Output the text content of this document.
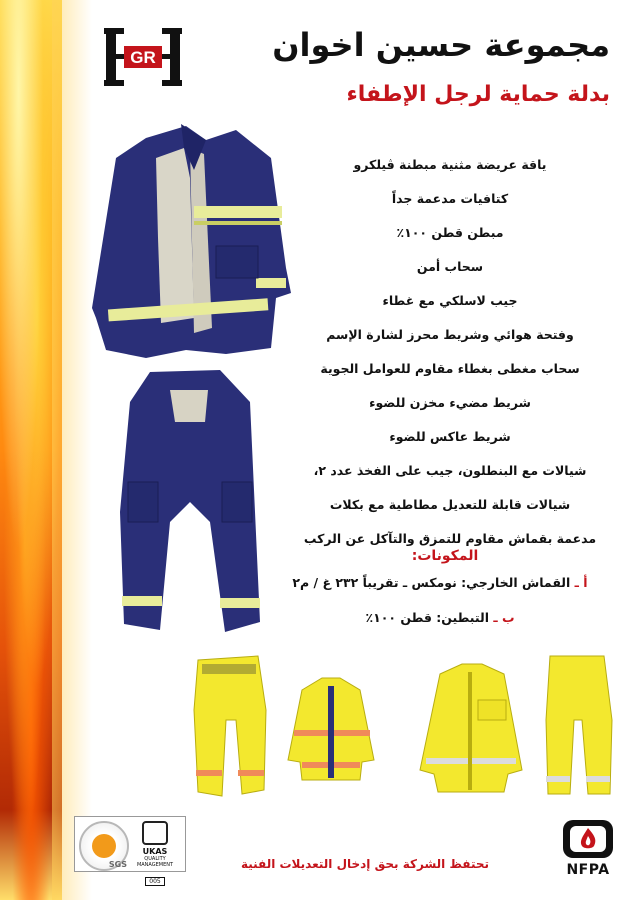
GR	مجموعة حسين اخوان
بدلة حماية لرجل الإطفاء
ياقة عريضة مثنية مبطنة ڤيلكرو
كتافيات مدعمة جداً
مبطن قطن ١٠٠٪
سحاب أمن
جيب لاسلكي مع غطاء
وفتحة هوائي وشريط محرز لشارة الإسم
سحاب مغطى بغطاء مقاوم للعوامل الجوية
شريط مضيء مخزن للضوء
شريط عاكس للضوء
شيالات مع البنطلون، جيب على الفخذ عدد ٢،
شيالات قابلة للتعديل مطاطية مع بكلات
مدعمة بقماش مقاوم للتمزق والتآكل عن الركب
المكونات:
أ ـ القماش الخارجي: نومكس ـ تقريباً ٢٣٢ غ / م٢
ب ـ التبطين: قطن ١٠٠٪
SGS
UKAS
QUALITY MANAGEMENT
005
NFPA
تحتفظ الشركة بحق إدخال التعديلات الفنية
